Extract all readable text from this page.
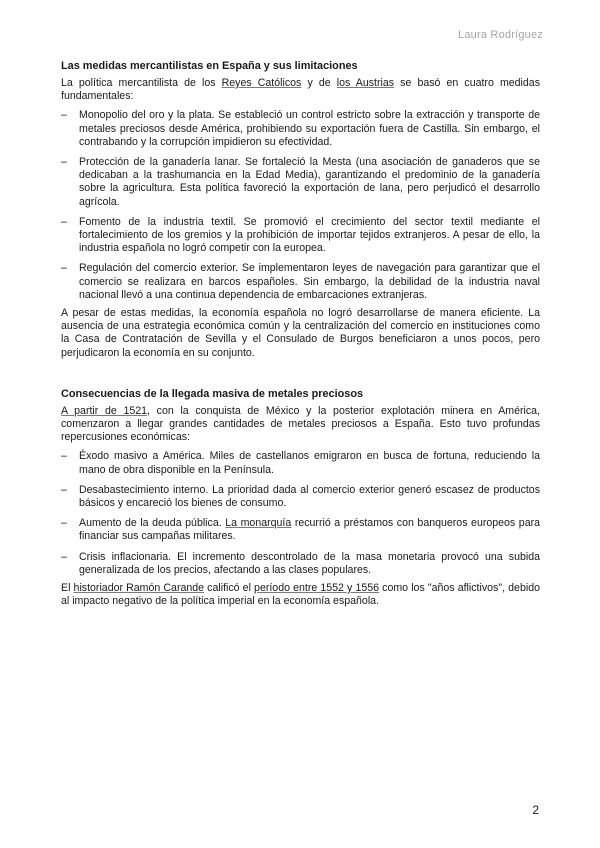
Laura Rodríguez
Las medidas mercantilistas en España y sus limitaciones

La política mercantilista de los Reyes Católicos y de los Austrias se basó en cuatro medidas fundamentales:

– Monopolio del oro y la plata. Se estableció un control estricto sobre la extracción y transporte de metales preciosos desde América, prohibiendo su exportación fuera de Castilla. Sin embargo, el contrabando y la corrupción impidieron su efectividad.
– Protección de la ganadería lanar. Se fortaleció la Mesta (una asociación de ganaderos que se dedicaban a la trashumancia en la Edad Media), garantizando el predominio de la ganadería sobre la agricultura. Esta política favoreció la exportación de lana, pero perjudicó el desarrollo agrícola.
– Fomento de la industria textil. Se promovió el crecimiento del sector textil mediante el fortalecimiento de los gremios y la prohibición de importar tejidos extranjeros. A pesar de ello, la industria española no logró competir con la europea.
– Regulación del comercio exterior. Se implementaron leyes de navegación para garantizar que el comercio se realizara en barcos españoles. Sin embargo, la debilidad de la industria naval nacional llevó a una continua dependencia de embarcaciones extranjeras.

A pesar de estas medidas, la economía española no logró desarrollarse de manera eficiente. La ausencia de una estrategia económica común y la centralización del comercio en instituciones como la Casa de Contratación de Sevilla y el Consulado de Burgos beneficiaron a unos pocos, pero perjudicaron la economía en su conjunto.

Consecuencias de la llegada masiva de metales preciosos

A partir de 1521, con la conquista de México y la posterior explotación minera en América, comenzaron a llegar grandes cantidades de metales preciosos a España. Esto tuvo profundas repercusiones económicas:

– Éxodo masivo a América. Miles de castellanos emigraron en busca de fortuna, reduciendo la mano de obra disponible en la Península.
– Desabastecimiento interno. La prioridad dada al comercio exterior generó escasez de productos básicos y encareció los bienes de consumo.
– Aumento de la deuda pública. La monarquía recurrió a préstamos con banqueros europeos para financiar sus campañas militares.
– Crisis inflacionaria. El incremento descontrolado de la masa monetaria provocó una subida generalizada de los precios, afectando a las clases populares.

El historiador Ramón Carande calificó el período entre 1552 y 1556 como los "años aflictivos", debido al impacto negativo de la política imperial en la economía española.

2
